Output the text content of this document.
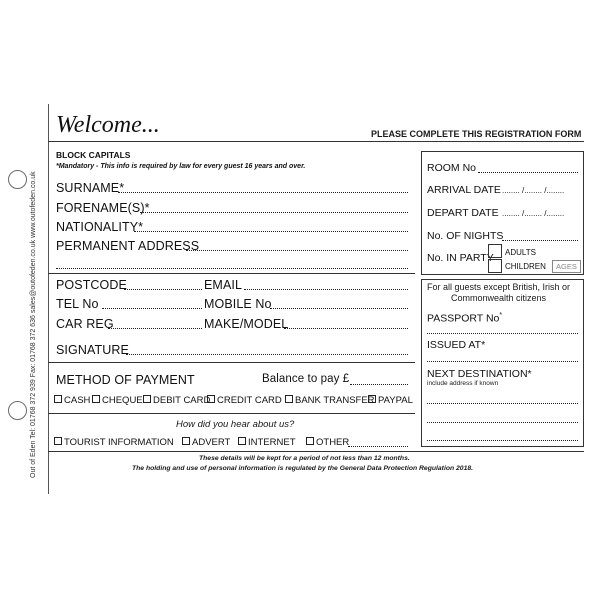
Out of Eden Tel: 01768 372 939 Fax: 01768 372 636 sales@outofeden.co.uk www.outofeden.co.uk
Welcome...	PLEASE COMPLETE THIS REGISTRATION FORM
BLOCK CAPITALS
*Mandatory - This info is required by law for every guest 16 years and over.
SURNAME*
FORENAME(S)*
NATIONALITY*
PERMANENT ADDRESS
POSTCODE	EMAIL
TEL No	MOBILE No
CAR REG	MAKE/MODEL
SIGNATURE
METHOD OF PAYMENT	Balance to pay £
CASH	CHEQUE	DEBIT CARD CREDIT CARD	BANK TRANSFER PAYPAL
How did you hear about us?
TOURIST INFORMATION	ADVERT	INTERNET	OTHER
ROOM No
ARRIVAL DATE ........ /........ /........
DEPART DATE ........ /........ /........
No. OF NIGHTS
No. IN PARTY ADULTS
CHILDREN	AGES
For all guests except British, Irish or
Commonwealth citizens
PASSPORT No*
ISSUED AT*
NEXT DESTINATION*
include address if known
These details will be kept for a period of not less than 12 months.
The holding and use of personal information is regulated by the General Data Protection Regulation 2018.
